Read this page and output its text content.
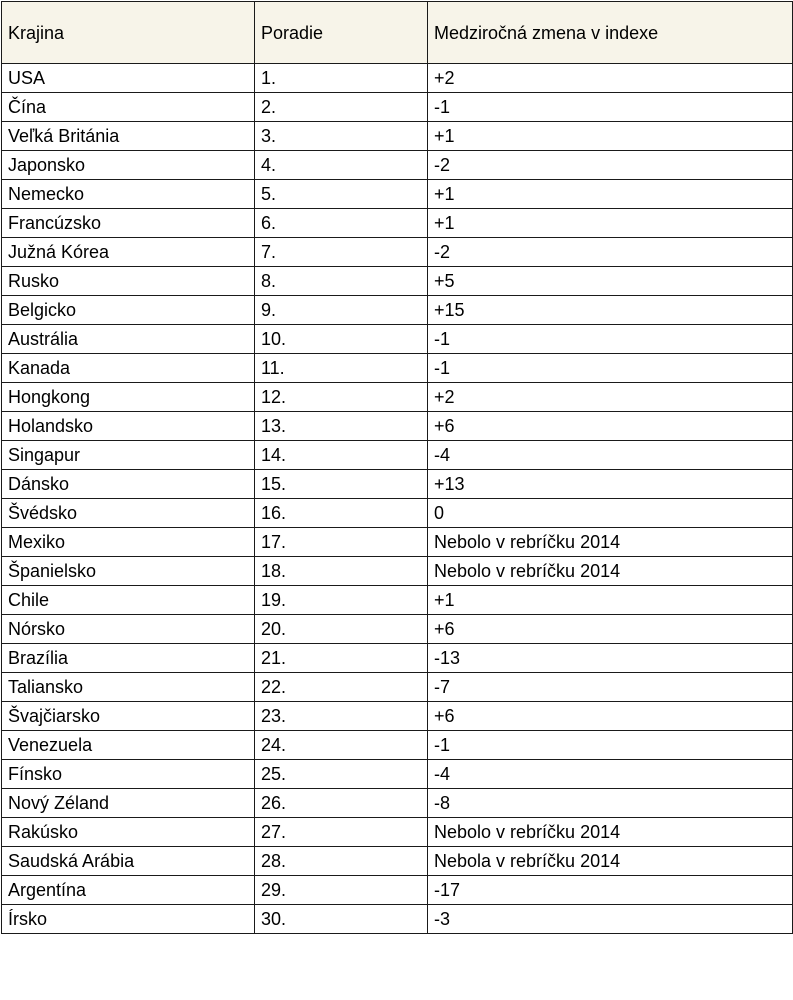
Krajina	Poradie	Medziročná zmena v indexe
USA	1.	+2
Čína	2.	-1
Veľká Británia	3.	+1
Japonsko	4.	-2
Nemecko	5.	+1
Francúzsko	6.	+1
Južná Kórea	7.	-2
Rusko	8.	+5
Belgicko	9.	+15
Austrália	10.	-1
Kanada	11.	-1
Hongkong	12.	+2
Holandsko	13.	+6
Singapur	14.	-4
Dánsko	15.	+13
Švédsko	16.	0
Mexiko	17.	Nebolo v rebríčku 2014
Španielsko	18.	Nebolo v rebríčku 2014
Chile	19.	+1
Nórsko	20.	+6
Brazília	21.	-13
Taliansko	22.	-7
Švajčiarsko	23.	+6
Venezuela	24.	-1
Fínsko	25.	-4
Nový Zéland	26.	-8
Rakúsko	27.	Nebolo v rebríčku 2014
Saudská Arábia	28.	Nebola v rebríčku 2014
Argentína	29.	-17
Írsko	30.	-3
